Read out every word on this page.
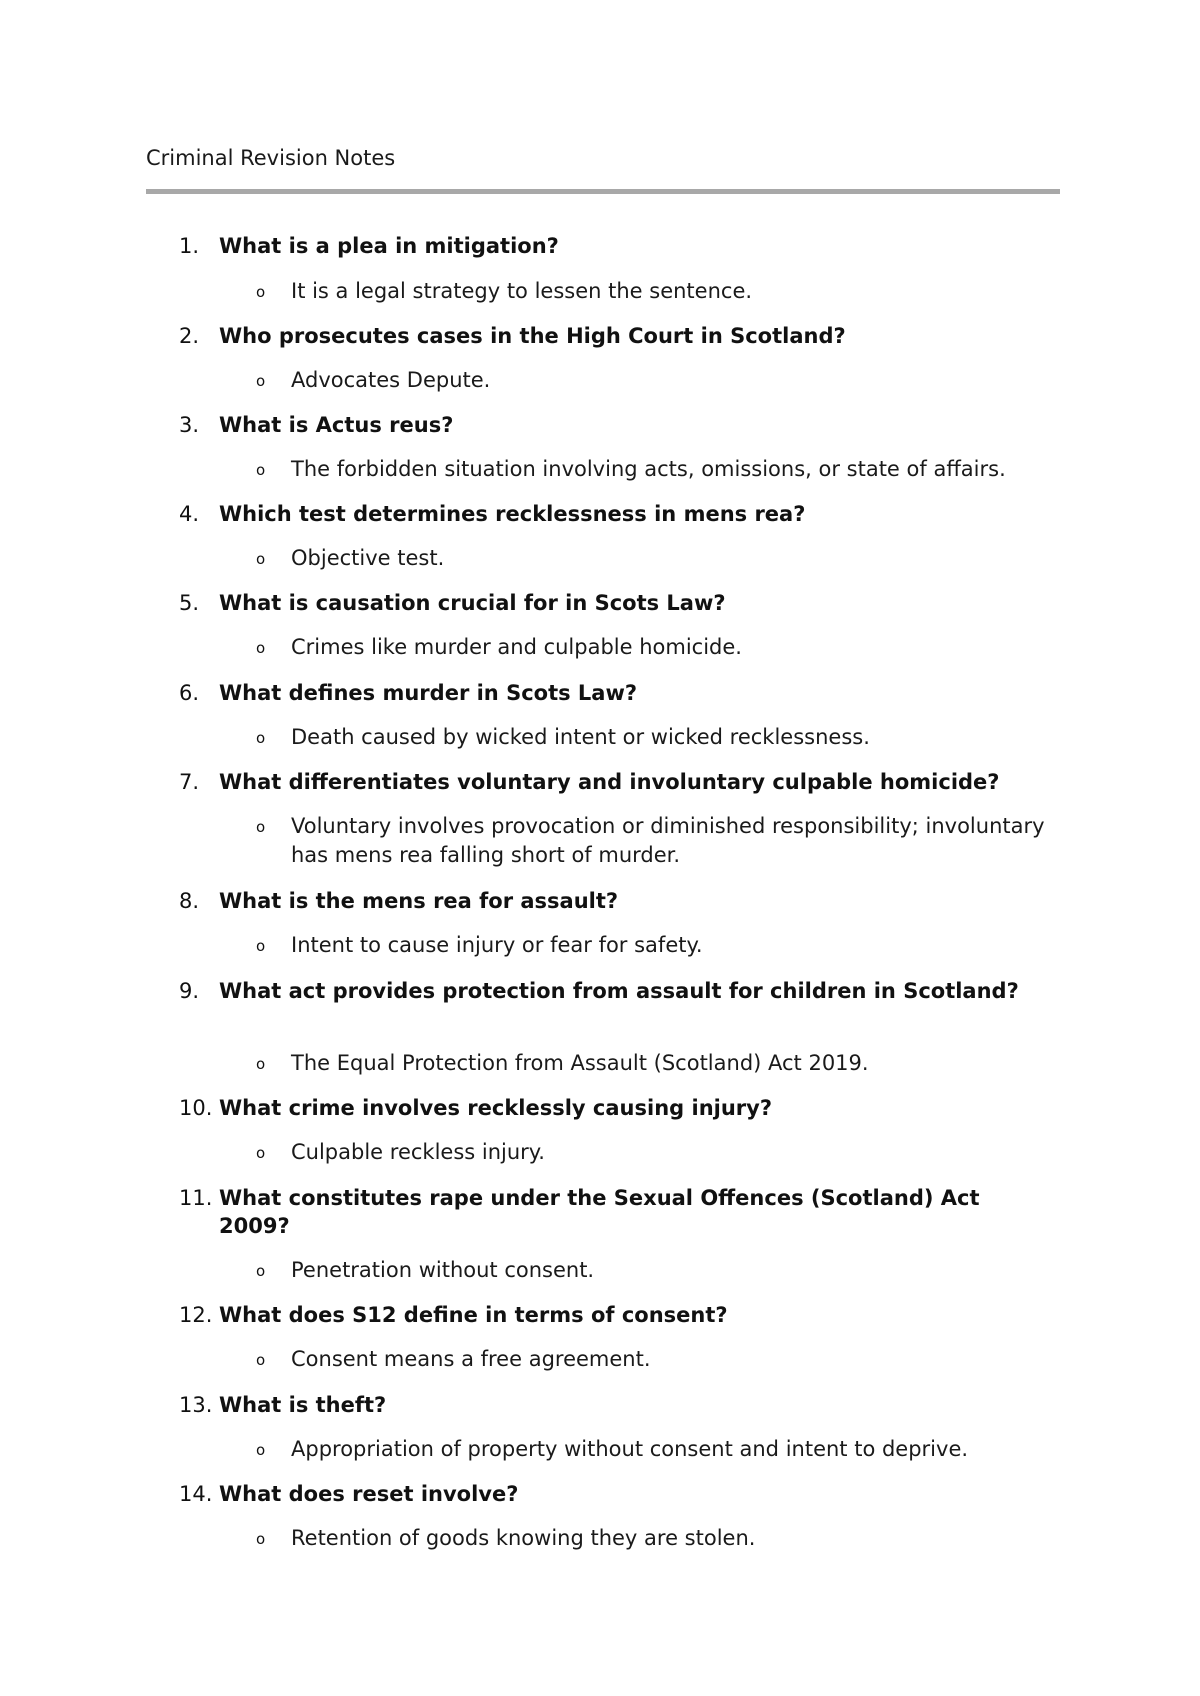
Criminal Revision Notes
1. What is a plea in mitigation?
o It is a legal strategy to lessen the sentence.
2. Who prosecutes cases in the High Court in Scotland?
o Advocates Depute.
3. What is Actus reus?
o The forbidden situation involving acts, omissions, or state of affairs.
4. Which test determines recklessness in mens rea?
o Objective test.
5. What is causation crucial for in Scots Law?
o Crimes like murder and culpable homicide.
6. What defines murder in Scots Law?
o Death caused by wicked intent or wicked recklessness.
7. What differentiates voluntary and involuntary culpable homicide?
o Voluntary involves provocation or diminished responsibility; involuntary has mens rea falling short of murder.
8. What is the mens rea for assault?
o Intent to cause injury or fear for safety.
9. What act provides protection from assault for children in Scotland?
o The Equal Protection from Assault (Scotland) Act 2019.
10. What crime involves recklessly causing injury?
o Culpable reckless injury.
11. What constitutes rape under the Sexual Offences (Scotland) Act 2009?
o Penetration without consent.
12. What does S12 define in terms of consent?
o Consent means a free agreement.
13. What is theft?
o Appropriation of property without consent and intent to deprive.
14. What does reset involve?
o Retention of goods knowing they are stolen.
